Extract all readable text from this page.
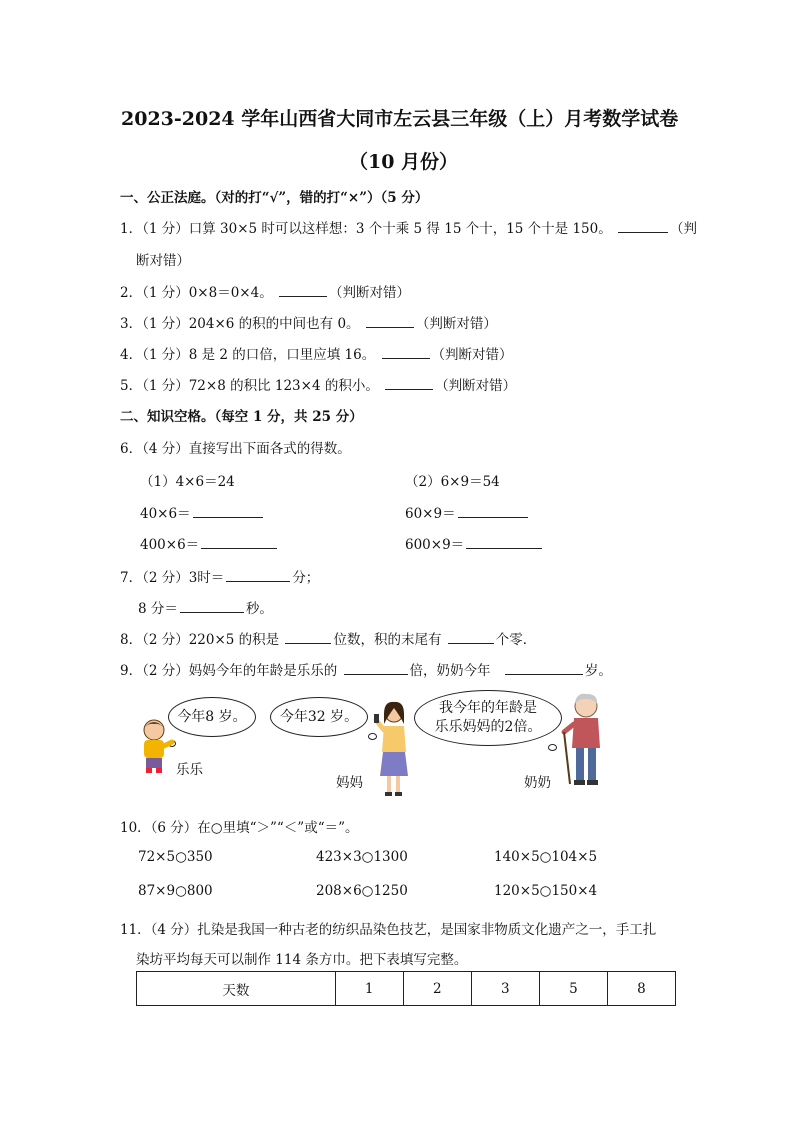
2023-2024 学年山西省大同市左云县三年级（上）月考数学试卷
（10 月份）
一、公正法庭。（对的打“√”，错的打“×”）（5 分）
1．（1 分）口算 30×5 时可以这样想：3 个十乘 5 得 15 个十，15 个十是 150。	（判
断对错）
2．（1 分）0×8＝0×4。	（判断对错）
3．（1 分）204×6 的积的中间也有 0。	（判断对错）
4．（1 分）8 是 2 的口倍，口里应填 16。	（判断对错）
5．（1 分）72×8 的积比 123×4 的积小。	（判断对错）
二、知识空格。（每空 1 分，共 25 分）
6．（4 分）直接写出下面各式的得数。
（1）4×6＝24	（2）6×9＝54
40×6＝	60×9＝
400×6＝	600×9＝
7．（2 分）3时＝	分；
8 分＝	秒。
8．（2 分）220×5 的积是	位数，积的末尾有	个零．
9．（2 分）妈妈今年的年龄是乐乐的	倍，奶奶今年	岁。
今年8 岁。 今年32 岁。
我今年的年龄是
乐乐妈妈的2倍。
乐乐
妈妈	奶奶
10．（6 分）在○里填“＞”“＜”或“＝”。
72×5○350	423×3○1300	140×5○104×5
87×9○800	208×6○1250	120×5○150×4
11．（4 分）扎染是我国一种古老的纺织品染色技艺，是国家非物质文化遗产之一，手工扎
染坊平均每天可以制作 114 条方巾。把下表填写完整。
天数	1	2	3	5	8
